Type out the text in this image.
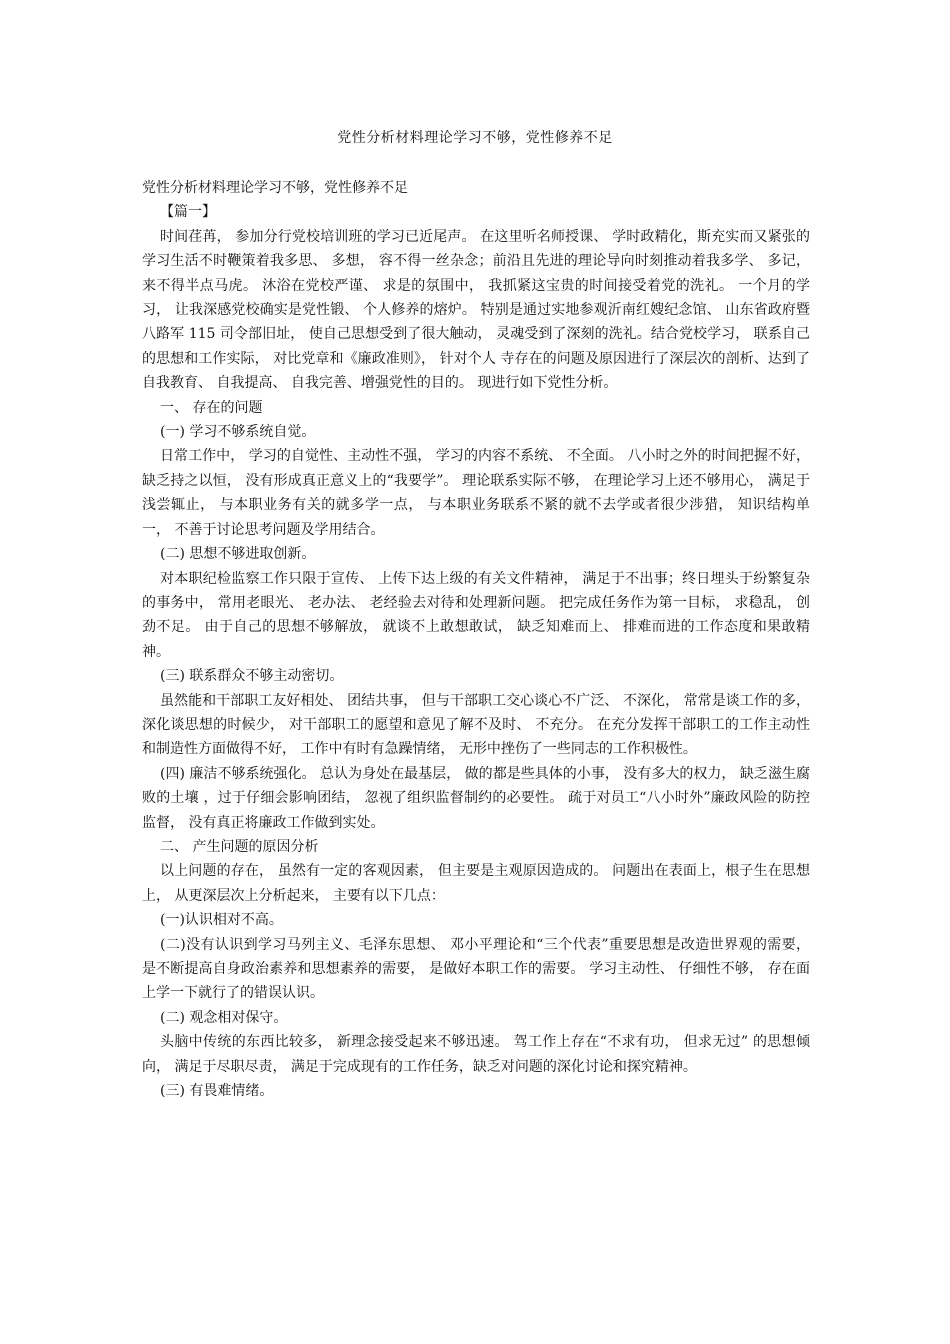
党性分析材料理论学习不够，党性修养不足

党性分析材料理论学习不够，党性修养不足

【篇一】

时间荏苒， 参加分行党校培训班的学习已近尾声。 在这里听名师授课、 学时政精化，斯充实而又紧张的学习生活不时鞭策着我多思、 多想， 容不得一丝杂念；前沿且先进的理论导向时刻推动着我多学、 多记， 来不得半点马虎。 沐浴在党校严谨、 求是的氛围中， 我抓紧这宝贵的时间接受着党的洗礼。 一个月的学习， 让我深感党校确实是党性锻、 个人修养的熔炉。 特别是通过实地参观沂南红嫂纪念馆、 山东省政府暨八路军 115 司令部旧址， 使自己思想受到了很大触动， 灵魂受到了深刻的洗礼。结合党校学习， 联系自己的思想和工作实际， 对比党章和《廉政准则》， 针对个人 寺存在的问题及原因进行了深层次的剖析、达到了自我教育、 自我提高、 自我完善、增强党性的目的。 现进行如下党性分析。

一、 存在的问题

(一) 学习不够系统自觉。

日常工作中， 学习的自觉性、主动性不强， 学习的内容不系统、 不全面。 八小时之外的时间把握不好， 缺乏持之以恒， 没有形成真正意义上的“我要学”。 理论联系实际不够， 在理论学习上还不够用心， 满足于浅尝辄止， 与本职业务有关的就多学一点， 与本职业务联系不紧的就不去学或者很少涉猎， 知识结构单一， 不善于讨论思考问题及学用结合。

(二) 思想不够进取创新。

对本职纪检监察工作只限于宣传、 上传下达上级的有关文件精神， 满足于不出事；终日埋头于纷繁复杂的事务中， 常用老眼光、 老办法、 老经验去对待和处理新问题。 把完成任务作为第一目标， 求稳乱， 创劲不足。 由于自己的思想不够解放， 就谈不上敢想敢试， 缺乏知难而上、 排难而进的工作态度和果敢精神。

(三) 联系群众不够主动密切。

虽然能和干部职工友好相处、 团结共事， 但与干部职工交心谈心不广泛、 不深化， 常常是谈工作的多， 深化谈思想的时候少， 对干部职工的愿望和意见了解不及时、 不充分。 在充分发挥干部职工的工作主动性和制造性方面做得不好， 工作中有时有急躁情绪， 无形中挫伤了一些同志的工作积极性。

(四) 廉洁不够系统强化。 总认为身处在最基层， 做的都是些具体的小事， 没有多大的权力， 缺乏滋生腐败的土壤 ，过于仔细会影响团结， 忽视了组织监督制约的必要性。 疏于对员工“八小时外”廉政风险的防控监督， 没有真正将廉政工作做到实处。

二、 产生问题的原因分析

以上问题的存在， 虽然有一定的客观因素， 但主要是主观原因造成的。 问题出在表面上，根子生在思想上， 从更深层次上分析起来， 主要有以下几点：

(一)认识相对不高。

(二)没有认识到学习马列主义、毛泽东思想、 邓小平理论和“三个代表”重要思想是改造世界观的需要， 是不断提高自身政治素养和思想素养的需要， 是做好本职工作的需要。 学习主动性、 仔细性不够， 存在面上学一下就行了的错误认识。

(二) 观念相对保守。

头脑中传统的东西比较多， 新理念接受起来不够迅速。 驾工作上存在“不求有功， 但求无过” 的思想倾向， 满足于尽职尽责， 满足于完成现有的工作任务，缺乏对问题的深化讨论和探究精神。

(三) 有畏难情绪。
